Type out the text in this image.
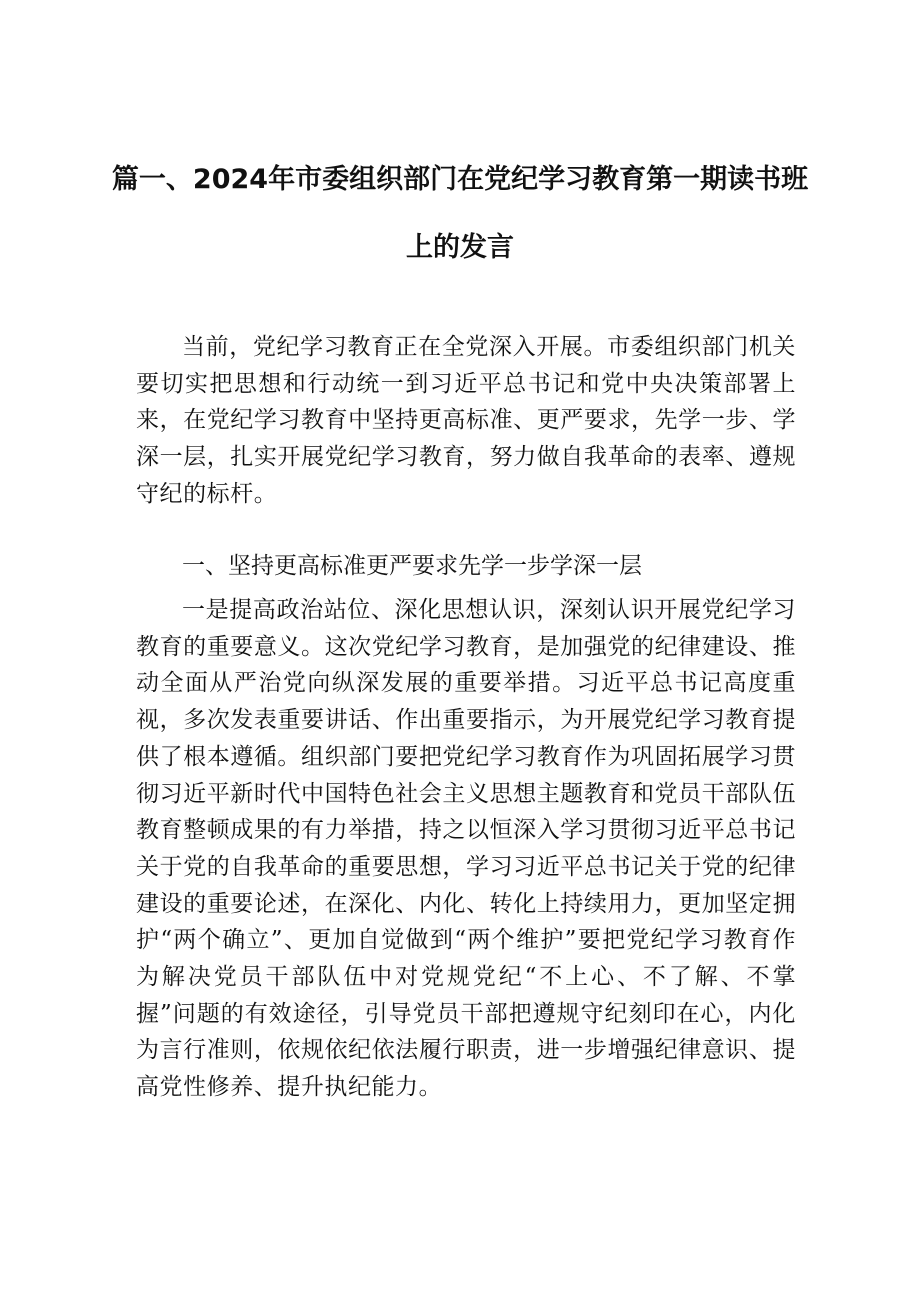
篇一、2024年市委组织部门在党纪学习教育第一期读书班
上的发言

当前，党纪学习教育正在全党深入开展。市委组织部门机关要切实把思想和行动统一到习近平总书记和党中央决策部署上来，在党纪学习教育中坚持更高标准、更严要求，先学一步、学深一层，扎实开展党纪学习教育，努力做自我革命的表率、遵规守纪的标杆。

一、坚持更高标准更严要求先学一步学深一层

一是提高政治站位、深化思想认识，深刻认识开展党纪学习教育的重要意义。这次党纪学习教育，是加强党的纪律建设、推动全面从严治党向纵深发展的重要举措。习近平总书记高度重视，多次发表重要讲话、作出重要指示，为开展党纪学习教育提供了根本遵循。组织部门要把党纪学习教育作为巩固拓展学习贯彻习近平新时代中国特色社会主义思想主题教育和党员干部队伍教育整顿成果的有力举措，持之以恒深入学习贯彻习近平总书记关于党的自我革命的重要思想，学习习近平总书记关于党的纪律建设的重要论述，在深化、内化、转化上持续用力，更加坚定拥护“两个确立”、更加自觉做到“两个维护”要把党纪学习教育作为解决党员干部队伍中对党规党纪“不上心、不了解、不掌握”问题的有效途径，引导党员干部把遵规守纪刻印在心，内化为言行准则，依规依纪依法履行职责，进一步增强纪律意识、提高党性修养、提升执纪能力。
